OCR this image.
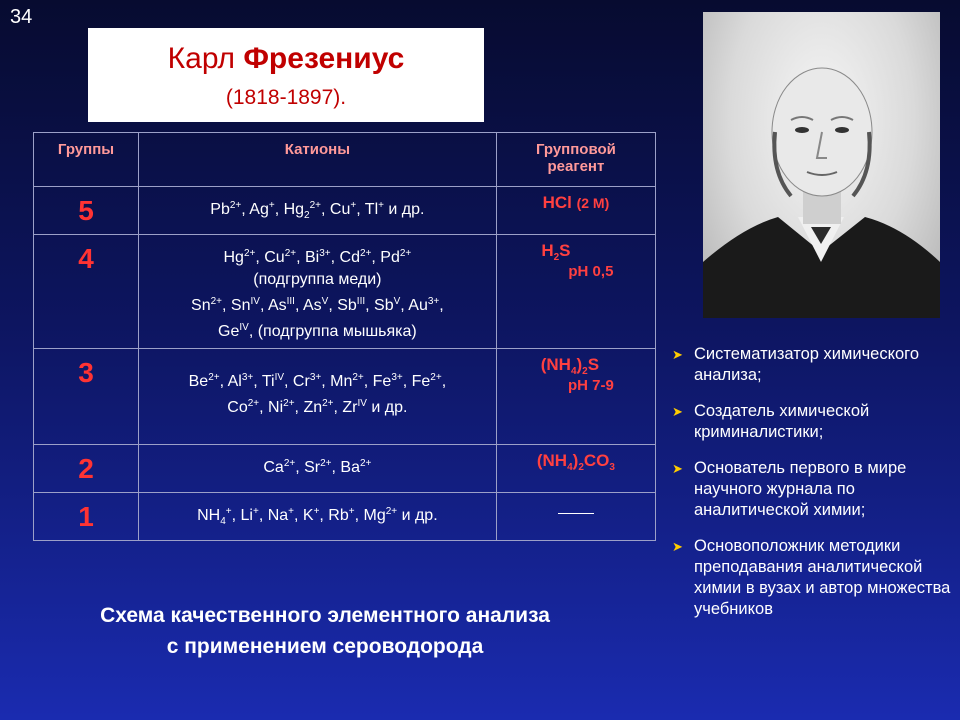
34
Карл Фрезениус
(1818-1897).
Группы	Катионы	Групповой
реагент
5	$Pb^{2+}$, Ag+, $Hg_2^{2+}$, Cu+, Tl+ и др.	HCl (2 М)
4	$Hg^{2+}$, $Cu^{2+}$, $Bi^{3+}$, $Cd^{2+}$, $Pd^{2+}$
(подгруппа меди)
$Sn^{2+}$, $Sn^{IV}$, $As^{III}$, $As^V$, $Sb^{III}$, $Sb^V$, $Au^{3+}$,
$Ge^{IV}$, (подгруппа мышьяка)	$H_2S$
рН 0,5

3	$Be^{2+}$, $Al^{3+}$, $Ti^{IV}$, $Cr^{3+}$, $Mn^{2+}$, $Fe^{3+}$, $Fe^{2+}$,
$Co^{2+}$, $Ni^{2+}$, $Zn^{2+}$, $Zr^{IV}$ и др.	$(NH_4)_2S$
рН 7-9

2	$Ca^{2+}$, $Sr^{2+}$, $Ba^{2+}$	$(NH_4)_2CO_3$
1	$NH_4^+$, Li+, Na+, K+, Rb+, $Mg^{2+}$ и др.	
Схема качественного элементного анализа
с применением сероводорода
➤ Систематизатор химического анализа;
➤ Создатель химической криминалистики;
➤ Основатель первого в мире научного журнала по аналитической химии;
➤ Основоположник методики преподавания аналитической химии в вузах и автор множества учебников
